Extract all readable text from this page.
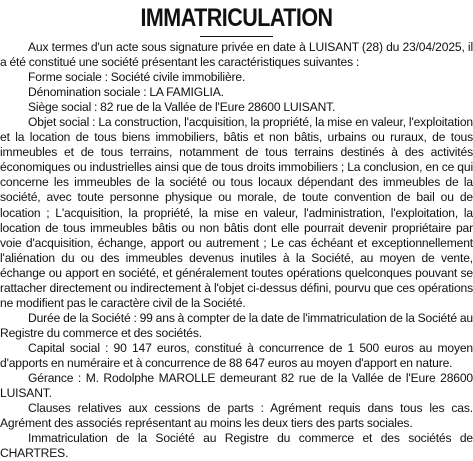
IMMATRICULATION

Aux termes d'un acte sous signature privée en date à LUISANT (28) du 23/04/2025, il a été constitué une société présentant les caractéristiques suivantes :

Forme sociale : Société civile immobilière.

Dénomination sociale : LA FAMIGLIA.

Siège social : 82 rue de la Vallée de l'Eure 28600 LUISANT.

Objet social : La construction, l'acquisition, la propriété, la mise en valeur, l'exploitation et la location de tous biens immobiliers, bâtis et non bâtis, urbains ou ruraux, de tous immeubles et de tous terrains, notamment de tous terrains destinés à des activités économiques ou industrielles ainsi que de tous droits immobiliers ; La conclusion, en ce qui concerne les immeubles de la société ou tous locaux dépendant des immeubles de la société, avec toute personne physique ou morale, de toute convention de bail ou de location ; L'acquisition, la propriété, la mise en valeur, l'administration, l'exploitation, la location de tous immeubles bâtis ou non bâtis dont elle pourrait devenir propriétaire par voie d'acquisition, échange, apport ou autrement ; Le cas échéant et exceptionnellement l'aliénation du ou des immeubles devenus inutiles à la Société, au moyen de vente, échange ou apport en société, et généralement toutes opérations quelconques pouvant se rattacher directement ou indirectement à l'objet ci-dessus défini, pourvu que ces opérations ne modifient pas le caractère civil de la Société.

Durée de la Société : 99 ans à compter de la date de l'immatriculation de la Société au Registre du commerce et des sociétés.

Capital social : 90 147 euros, constitué à concurrence de 1 500 euros au moyen d'apports en numéraire et à concurrence de 88 647 euros au moyen d'apport en nature.

Gérance : M. Rodolphe MAROLLE demeurant 82 rue de la Vallée de l'Eure 28600 LUISANT.

Clauses relatives aux cessions de parts : Agrément requis dans tous les cas. Agrément des associés représentant au moins les deux tiers des parts sociales.

Immatriculation de la Société au Registre du commerce et des sociétés de CHARTRES.
